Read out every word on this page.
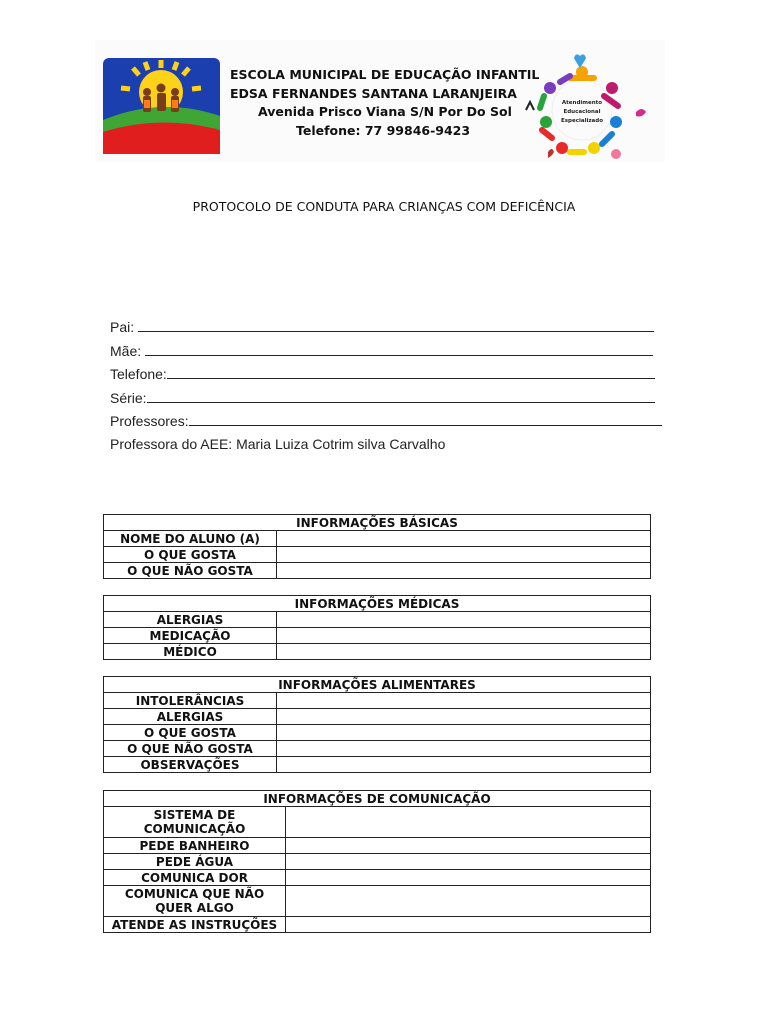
ESCOLA MUNICIPAL DE EDUCAÇÃO INFANTIL
EDSA FERNANDES SANTANA LARANJEIRA
Avenida Prisco Viana S/N Por Do Sol
Telefone: 77 99846-9423
Atendimento
Educacional
Especializado
PROTOCOLO DE CONDUTA PARA CRIANÇAS COM DEFICÊNCIA
Pai:
Mãe:
Telefone:
Série:
Professores:
Professora do AEE: Maria Luiza Cotrim silva Carvalho
INFORMAÇÕES BÁSICAS	
NOME DO ALUNO (A)	
O QUE GOSTA	
O QUE NÃO GOSTA	
INFORMAÇÕES MÉDICAS	
ALERGIAS	
MEDICAÇÃO	
MÉDICO	
INFORMAÇÕES ALIMENTARES	
INTOLERÂNCIAS	
ALERGIAS	
O QUE GOSTA	
O QUE NÃO GOSTA	
OBSERVAÇÕES	
INFORMAÇÕES DE COMUNICAÇÃO	
SISTEMA DE COMUNICAÇÃO	
PEDE BANHEIRO	
PEDE ÁGUA	
COMUNICA DOR	
COMUNICA QUE NÃO QUER ALGO	
ATENDE AS INSTRUÇÕES	
